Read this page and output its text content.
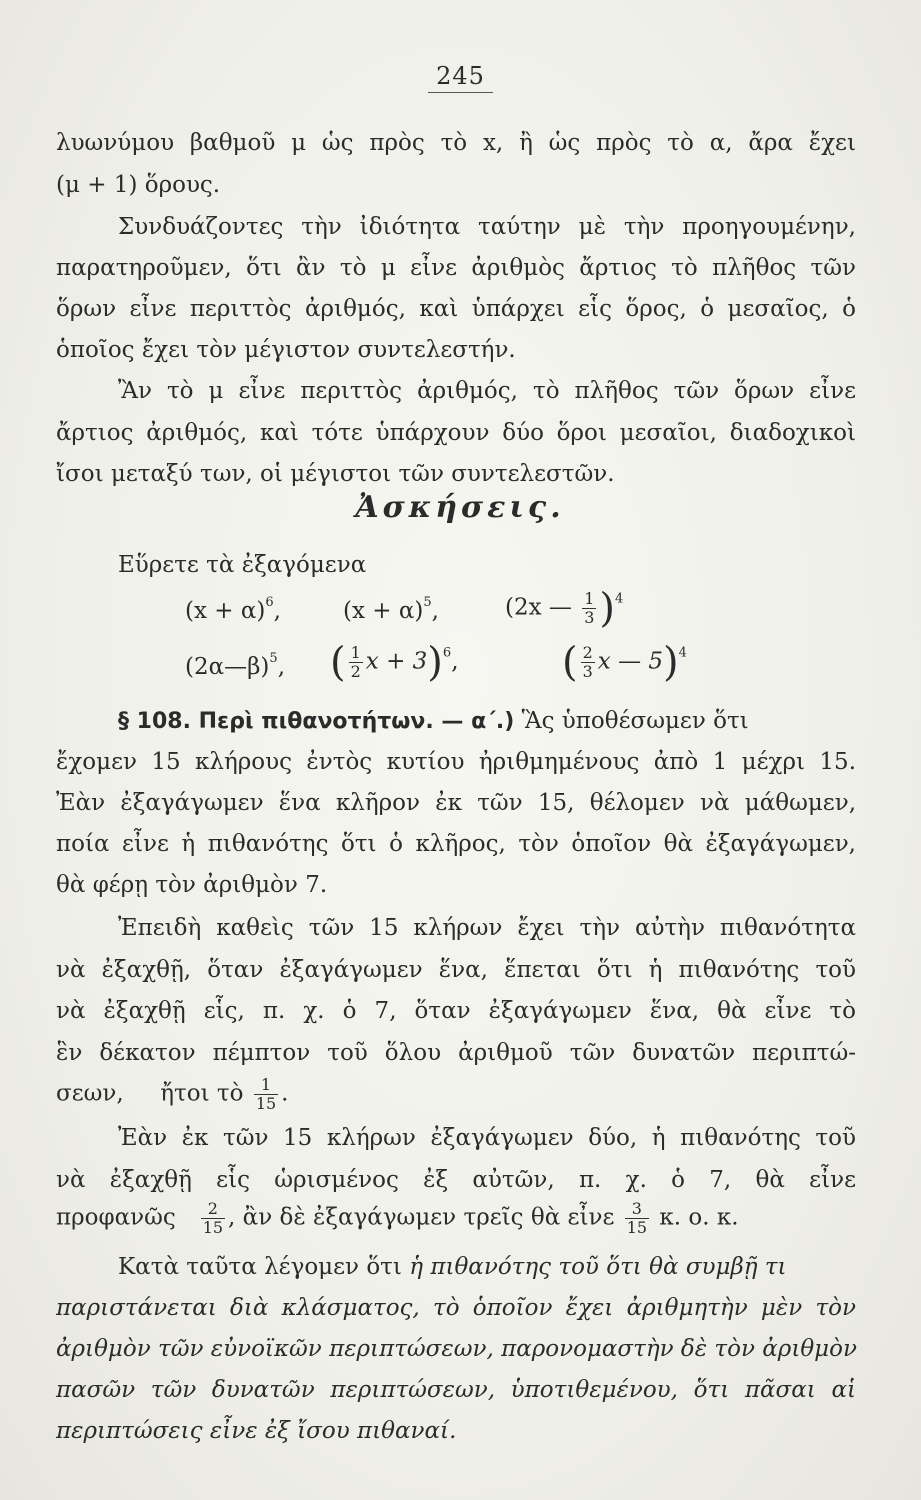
245
λυωνύμου βαθμοῦ μ ὡς πρὸς τὸ x, ἢ ὡς πρὸς τὸ α, ἄρα ἔχει
(μ + 1) ὅρους.
Συνδυάζοντες τὴν ἰδιότητα ταύτην μὲ τὴν προηγουμένην,
παρατηροῦμεν, ὅτι ἂν τὸ μ εἶνε ἀριθμὸς ἄρτιος τὸ πλῆθος τῶν
ὅρων εἶνε περιττὸς ἀριθμός, καὶ ὑπάρχει εἷς ὅρος, ὁ μεσαῖος, ὁ
ὁποῖος ἔχει τὸν μέγιστον συντελεστήν.
Ἂν τὸ μ εἶνε περιττὸς ἀριθμός, τὸ πλῆθος τῶν ὅρων εἶνε
ἄρτιος ἀριθμός, καὶ τότε ὑπάρχουν δύο ὅροι μεσαῖοι, διαδοχικοὶ
ἴσοι μεταξύ των, οἱ μέγιστοι τῶν συντελεστῶν.
Ἀσκήσεις.
Εὕρετε τὰ ἐξαγόμενα
$(x + \alpha)^6$,	$(x + \alpha)^5$,	(2x — $\frac{1}{3} )^4$
(2α—β)$^5$, ( $\frac{1}{2}$ x + 3)$^6$,	( $\frac{2}{3}$ x — 5)$^4$
§ 108. Περὶ πιθανοτήτων. — α΄.) Ἃς ὑποθέσωμεν ὅτι
ἔχομεν 15 κλήρους ἐντὸς κυτίου ἠριθμημένους ἀπὸ 1 μέχρι 15.
Ἐὰν ἐξαγάγωμεν ἕνα κλῆρον ἐκ τῶν 15, θέλομεν νὰ μάθωμεν,
ποία εἶνε ἡ πιθανότης ὅτι ὁ κλῆρος, τὸν ὁποῖον θὰ ἐξαγάγωμεν,
θὰ φέρῃ τὸν ἀριθμὸν 7.
Ἐπειδὴ καθεὶς τῶν 15 κλήρων ἔχει τὴν αὐτὴν πιθανότητα
νὰ ἐξαχθῇ, ὅταν ἐξαγάγωμεν ἕνα, ἕπεται ὅτι ἡ πιθανότης τοῦ
νὰ ἐξαχθῇ εἷς, π. χ. ὁ 7, ὅταν ἐξαγάγωμεν ἕνα, θὰ εἶνε τὸ
ἓν δέκατον πέμπτον τοῦ ὅλου ἀριθμοῦ τῶν δυνατῶν περιπτώ-
σεων, ἤτοι τὸ $\frac{1}{15}$ .
Ἐὰν ἐκ τῶν 15 κλήρων ἐξαγάγωμεν δύο, ἡ πιθανότης τοῦ
νὰ ἐξαχθῇ εἷς ὡρισμένος ἐξ αὐτῶν, π. χ. ὁ 7, θὰ εἶνε
προφανῶς $\frac{2}{15}$ , ἂν δὲ ἐξαγάγωμεν τρεῖς θὰ εἶνε $\frac{3}{15} \kappa$. ο. κ.
Κατὰ ταῦτα λέγομεν ὅτι ἡ πιθανότης τοῦ ὅτι θὰ συμβῇ τι
παριστάνεται διὰ κλάσματος, τὸ ὁποῖον ἔχει ἀριθμητὴν μὲν τὸν
ἀριθμὸν τῶν εὐνοϊκῶν περιπτώσεων, παρονομαστὴν δὲ τὸν ἀριθμὸν
πασῶν τῶν δυνατῶν περιπτώσεων, ὑποτιθεμένου, ὅτι πᾶσαι αἱ
περιπτώσεις εἶνε ἐξ ἴσου πιθαναί.
